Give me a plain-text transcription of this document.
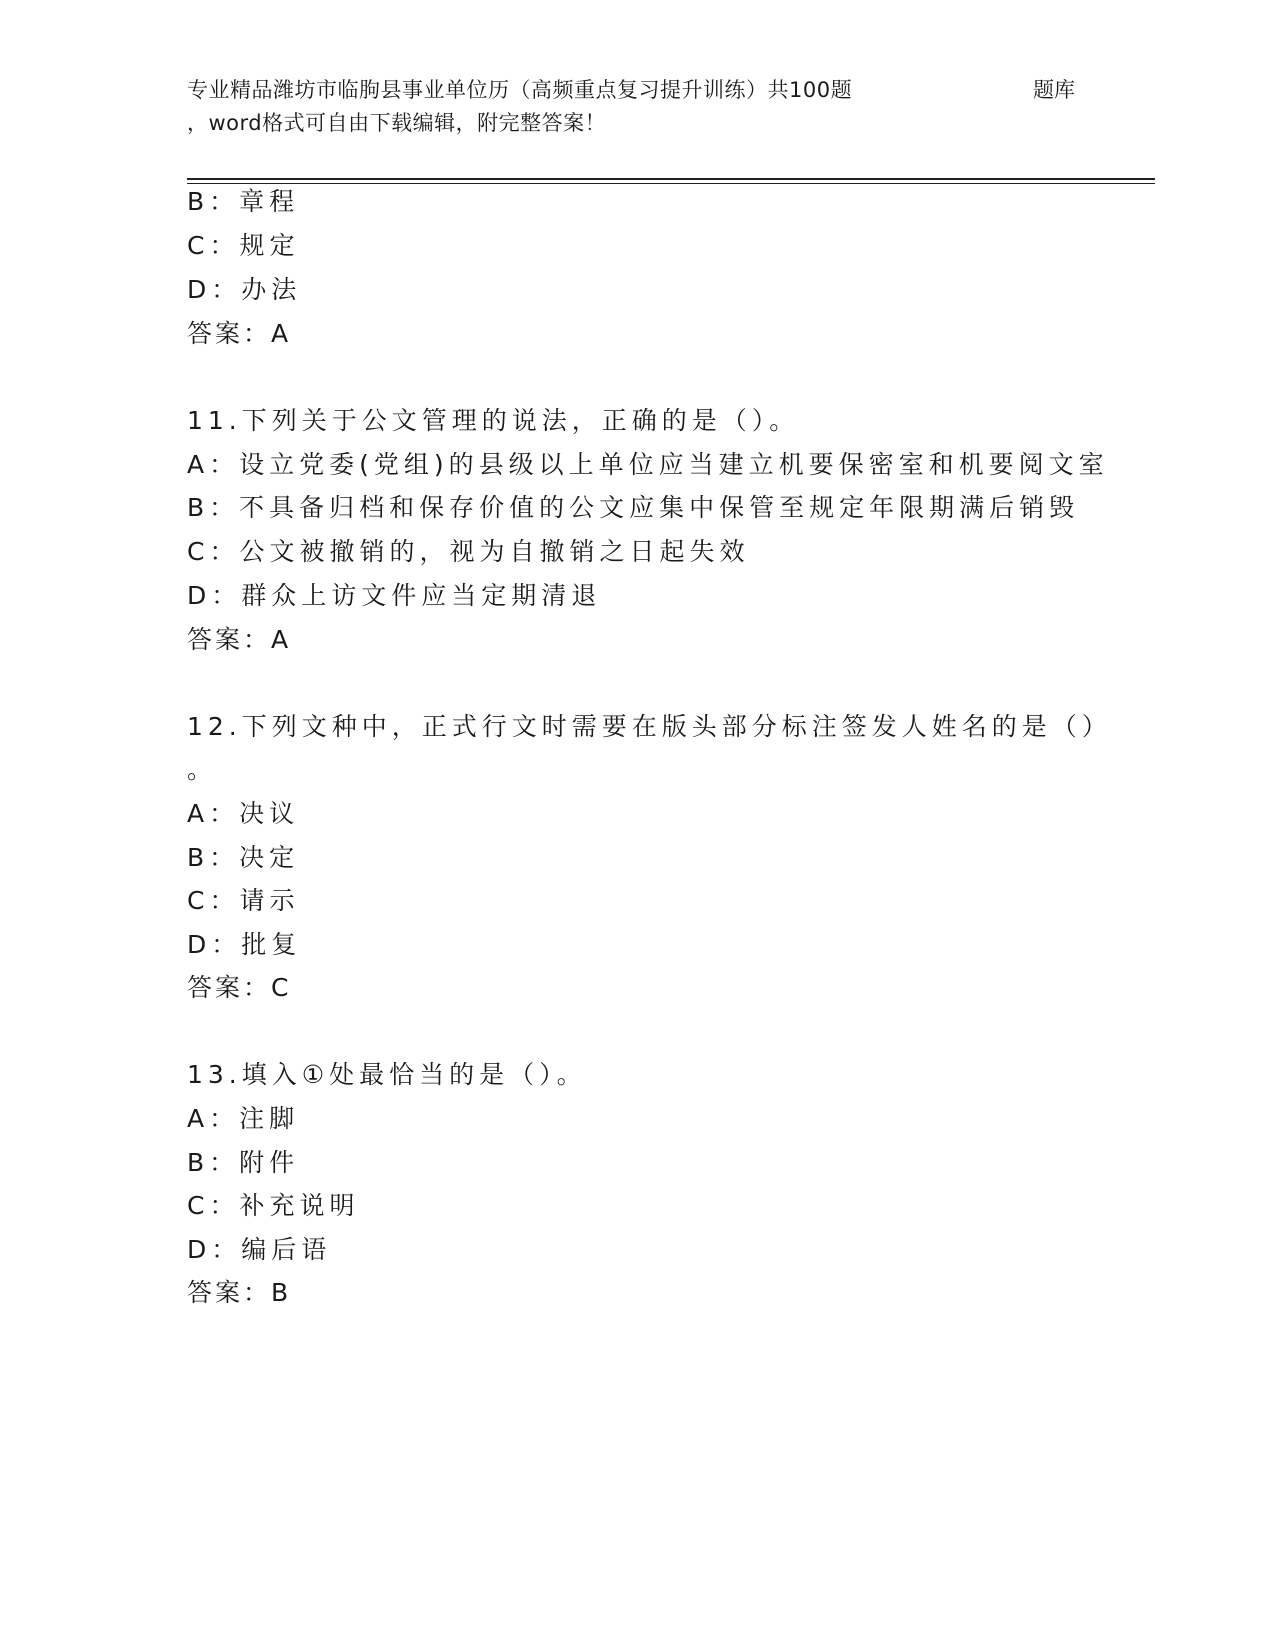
专业精品潍坊市临朐县事业单位历（高频重点复习提升训练）共100题
，word格式可自由下载编辑，附完整答案！
题库
B：章程
C：规定
D：办法
答案：A
11.下列关于公文管理的说法，正确的是（）。
A：设立党委(党组)的县级以上单位应当建立机要保密室和机要阅文室
B：不具备归档和保存价值的公文应集中保管至规定年限期满后销毁
C：公文被撤销的，视为自撤销之日起失效
D：群众上访文件应当定期清退
答案：A
12.下列文种中，正式行文时需要在版头部分标注签发人姓名的是（）
。
A：决议
B：决定
C：请示
D：批复
答案：C
13.填入①处最恰当的是（）。
A：注脚
B：附件
C：补充说明
D：编后语
答案：B
